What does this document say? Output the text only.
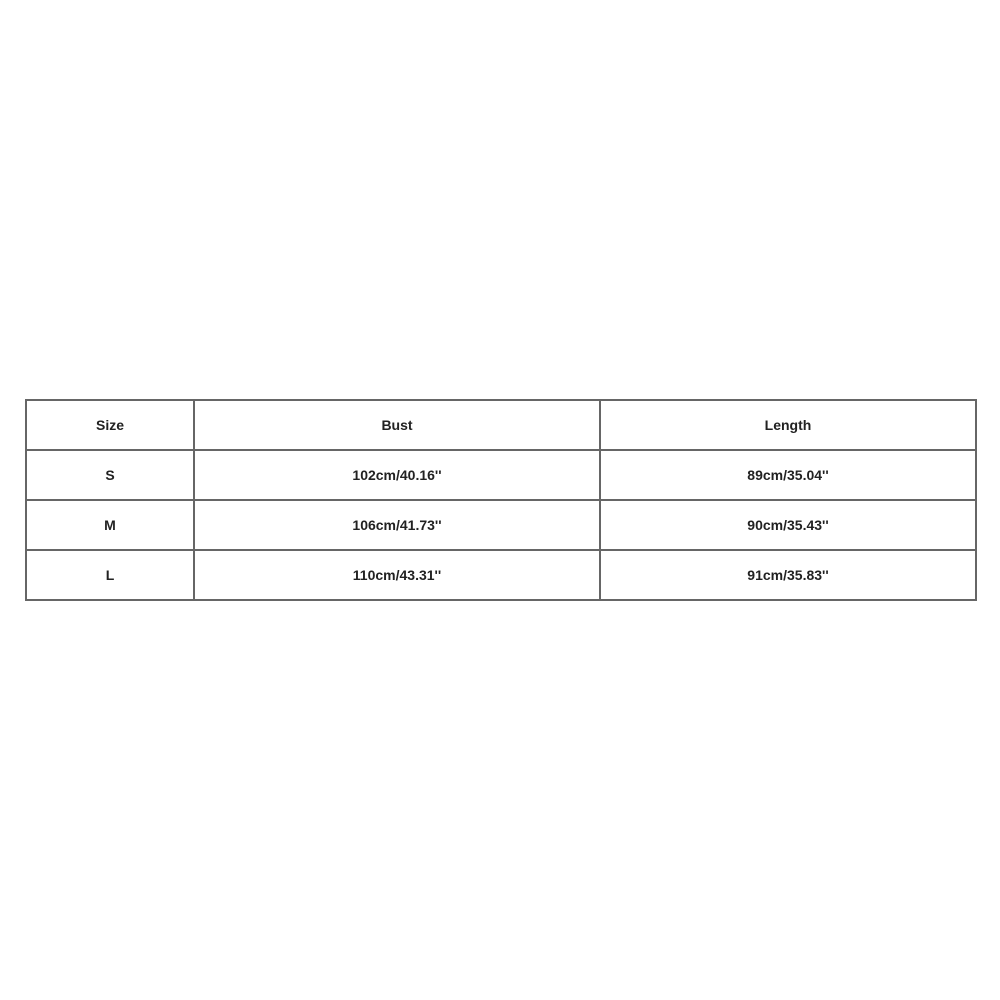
Size	Bust	Length
S	102cm/40.16''	89cm/35.04''
M	106cm/41.73''	90cm/35.43''
L	110cm/43.31''	91cm/35.83''
